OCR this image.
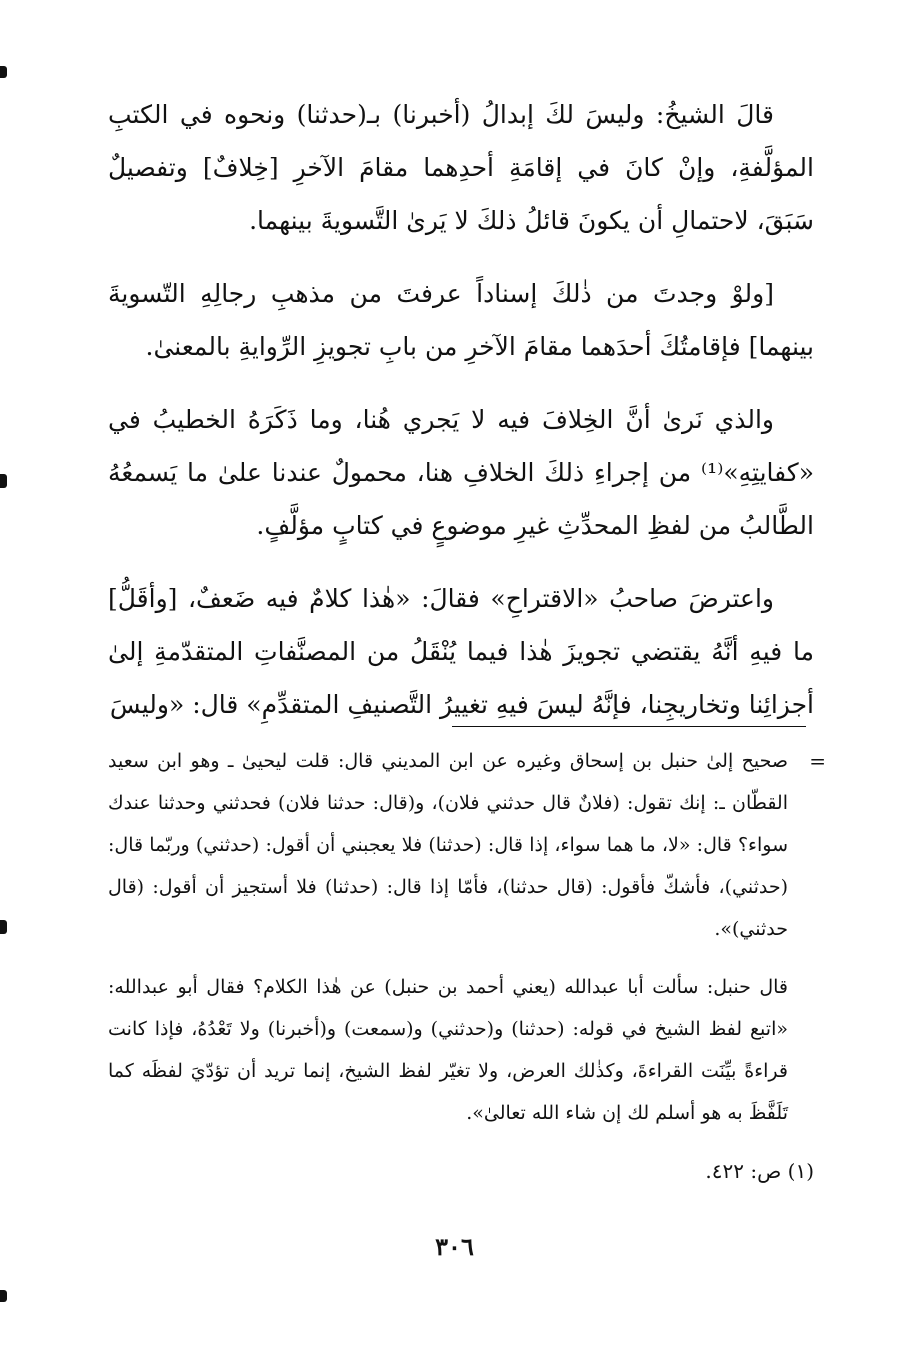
قالَ الشيخُ: وليسَ لكَ إبدالُ (أخبرنا) بـ(حدثنا) ونحوه في الكتبِ المؤلَّفةِ، وإنْ كانَ في إقامَةِ أحدِهما مقامَ الآخرِ [خِلافٌ] وتفصيلٌ سَبَقَ، لاحتمالِ أن يكونَ قائلُ ذلكَ لا يَرىٰ التَّسويةَ بينهما.

[ولوْ وجدتَ من ذٰلكَ إسناداً عرفتَ من مذهبِ رجالِهِ التّسويةَ بينهما] فإقامتُكَ أحدَهما مقامَ الآخرِ من بابِ تجويزِ الرِّوايةِ بالمعنىٰ.

والذي نَرىٰ أنَّ الخِلافَ فيه لا يَجري هُنا، وما ذَكَرَهُ الخطيبُ في «كفايتِهِ»⁽¹⁾ من إجراءِ ذلكَ الخلافِ هنا، محمولٌ عندنا علىٰ ما يَسمعُهُ الطَّالبُ من لفظِ المحدِّثِ غيرِ موضوعٍ في كتابٍ مؤلَّفٍ.

واعترضَ صاحبُ «الاقتراحِ» فقالَ: «هٰذا كلامٌ فيه ضَعفٌ، [وأقَلُّ] ما فيهِ أنَّهُ يقتضي تجويزَ هٰذا فيما يُنْقَلُ من المصنَّفاتِ المتقدّمةِ إلىٰ أجزائِنا وتخاريجِنا، فإنَّهُ ليسَ فيهِ تغييرُ التَّصنيفِ المتقدِّمِ» قال: «وليسَ

=

صحيح إلىٰ حنبل بن إسحاق وغيره عن ابن المديني قال: قلت ليحيىٰ ـ وهو ابن سعيد القطّان ـ: إنك تقول: (فلانٌ قال حدثني فلان)، و(قال: حدثنا فلان) فحدثني وحدثنا عندك سواء؟ قال: «لا، ما هما سواء، إذا قال: (حدثنا) فلا يعجبني أن أقول: (حدثني) وربّما قال: (حدثني)، فأشكّ فأقول: (قال حدثنا)، فأمّا إذا قال: (حدثنا) فلا أستجيز أن أقول: (قال حدثني)».

قال حنبل: سألت أبا عبدالله (يعني أحمد بن حنبل) عن هٰذا الكلام؟ فقال أبو عبدالله: «اتبع لفظ الشيخ في قوله: (حدثنا) و(حدثني) و(سمعت) و(أخبرنا) ولا تَعْدُهُ، فإذا كانت قراءةً بيِّنَت القراءةَ، وكذٰلك العرض، ولا تغيّر لفظ الشيخ، إنما تريد أن تؤدّيَ لفظَه كما تَلَفَّظَ به هو أسلم لك إن شاء الله تعالىٰ».

(١) ص: ٤٢٢.

٣٠٦
